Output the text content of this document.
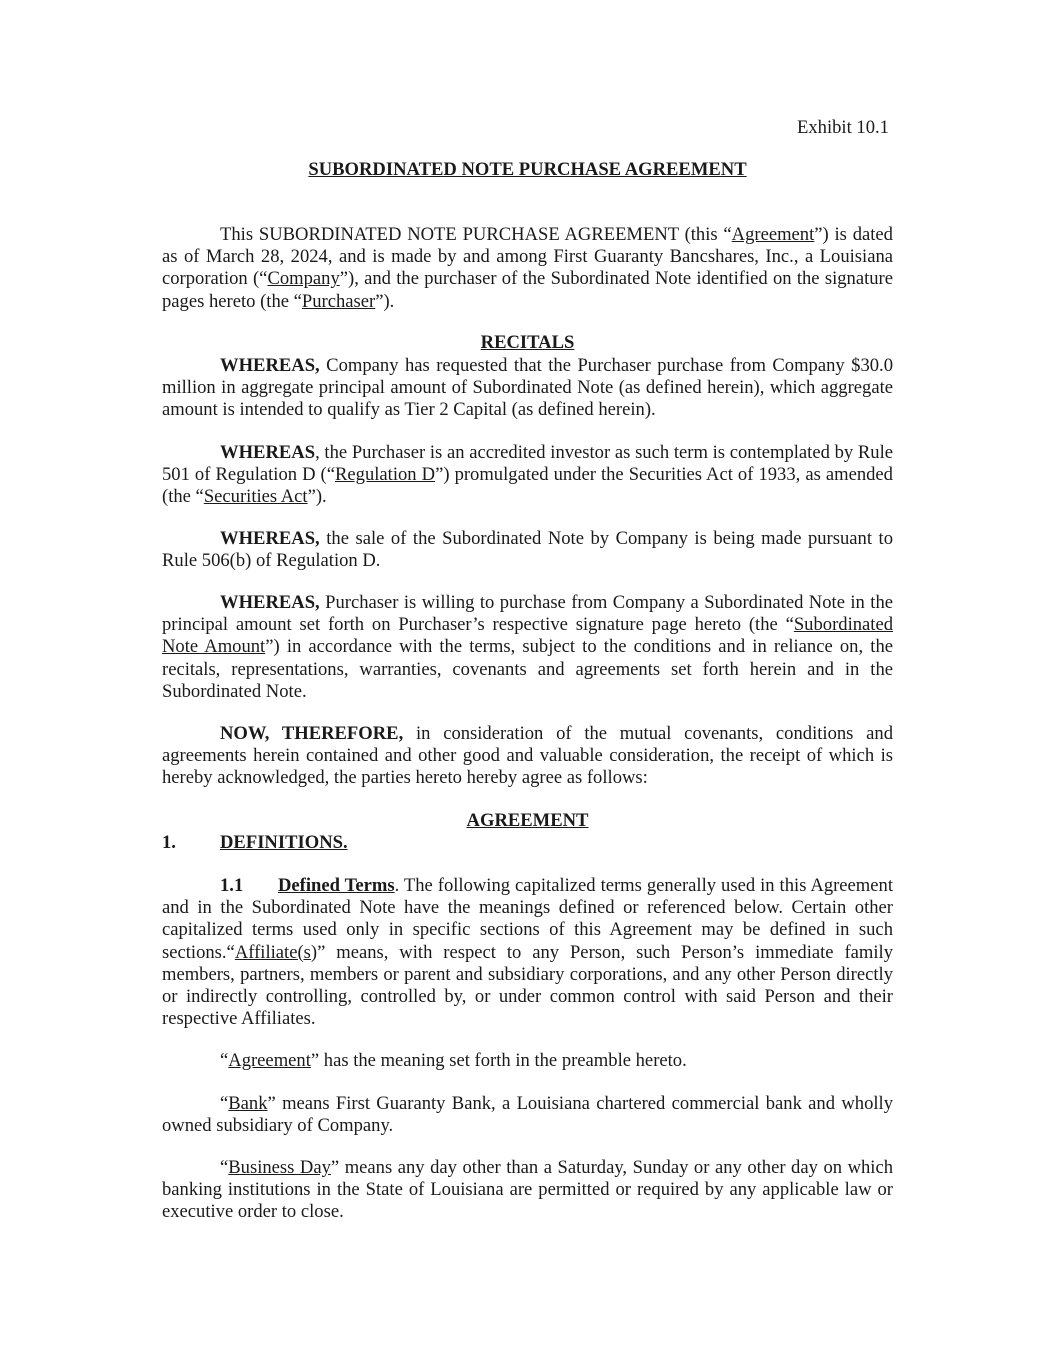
Exhibit 10.1
SUBORDINATED NOTE PURCHASE AGREEMENT

This SUBORDINATED NOTE PURCHASE AGREEMENT (this “Agreement”) is dated as of March 28, 2024, and is made by and among First Guaranty Bancshares, Inc., a Louisiana corporation (“Company”), and the purchaser of the Subordinated Note identified on the signature pages hereto (the “Purchaser”).

RECITALS

WHEREAS, Company has requested that the Purchaser purchase from Company $30.0 million in aggregate principal amount of Subordinated Note (as defined herein), which aggregate amount is intended to qualify as Tier 2 Capital (as defined herein).

WHEREAS, the Purchaser is an accredited investor as such term is contemplated by Rule 501 of Regulation D (“Regulation D”) promulgated under the Securities Act of 1933, as amended (the “Securities Act”).

WHEREAS, the sale of the Subordinated Note by Company is being made pursuant to Rule 506(b) of Regulation D.

WHEREAS, Purchaser is willing to purchase from Company a Subordinated Note in the principal amount set forth on Purchaser’s respective signature page hereto (the “Subordinated Note Amount”) in accordance with the terms, subject to the conditions and in reliance on, the recitals, representations, warranties, covenants and agreements set forth herein and in the Subordinated Note.

NOW, THEREFORE, in consideration of the mutual covenants, conditions and agreements herein contained and other good and valuable consideration, the receipt of which is hereby acknowledged, the parties hereto hereby agree as follows:

AGREEMENT
1. DEFINITIONS.

1.1 Defined Terms. The following capitalized terms generally used in this Agreement and in the Subordinated Note have the meanings defined or referenced below. Certain other capitalized terms used only in specific sections of this Agreement may be defined in such sections.“Affiliate(s)” means, with respect to any Person, such Person’s immediate family members, partners, members or parent and subsidiary corporations, and any other Person directly or indirectly controlling, controlled by, or under common control with said Person and their respective Affiliates.

“Agreement” has the meaning set forth in the preamble hereto.

“Bank” means First Guaranty Bank, a Louisiana chartered commercial bank and wholly owned subsidiary of Company.

“Business Day” means any day other than a Saturday, Sunday or any other day on which banking institutions in the State of Louisiana are permitted or required by any applicable law or executive order to close.
